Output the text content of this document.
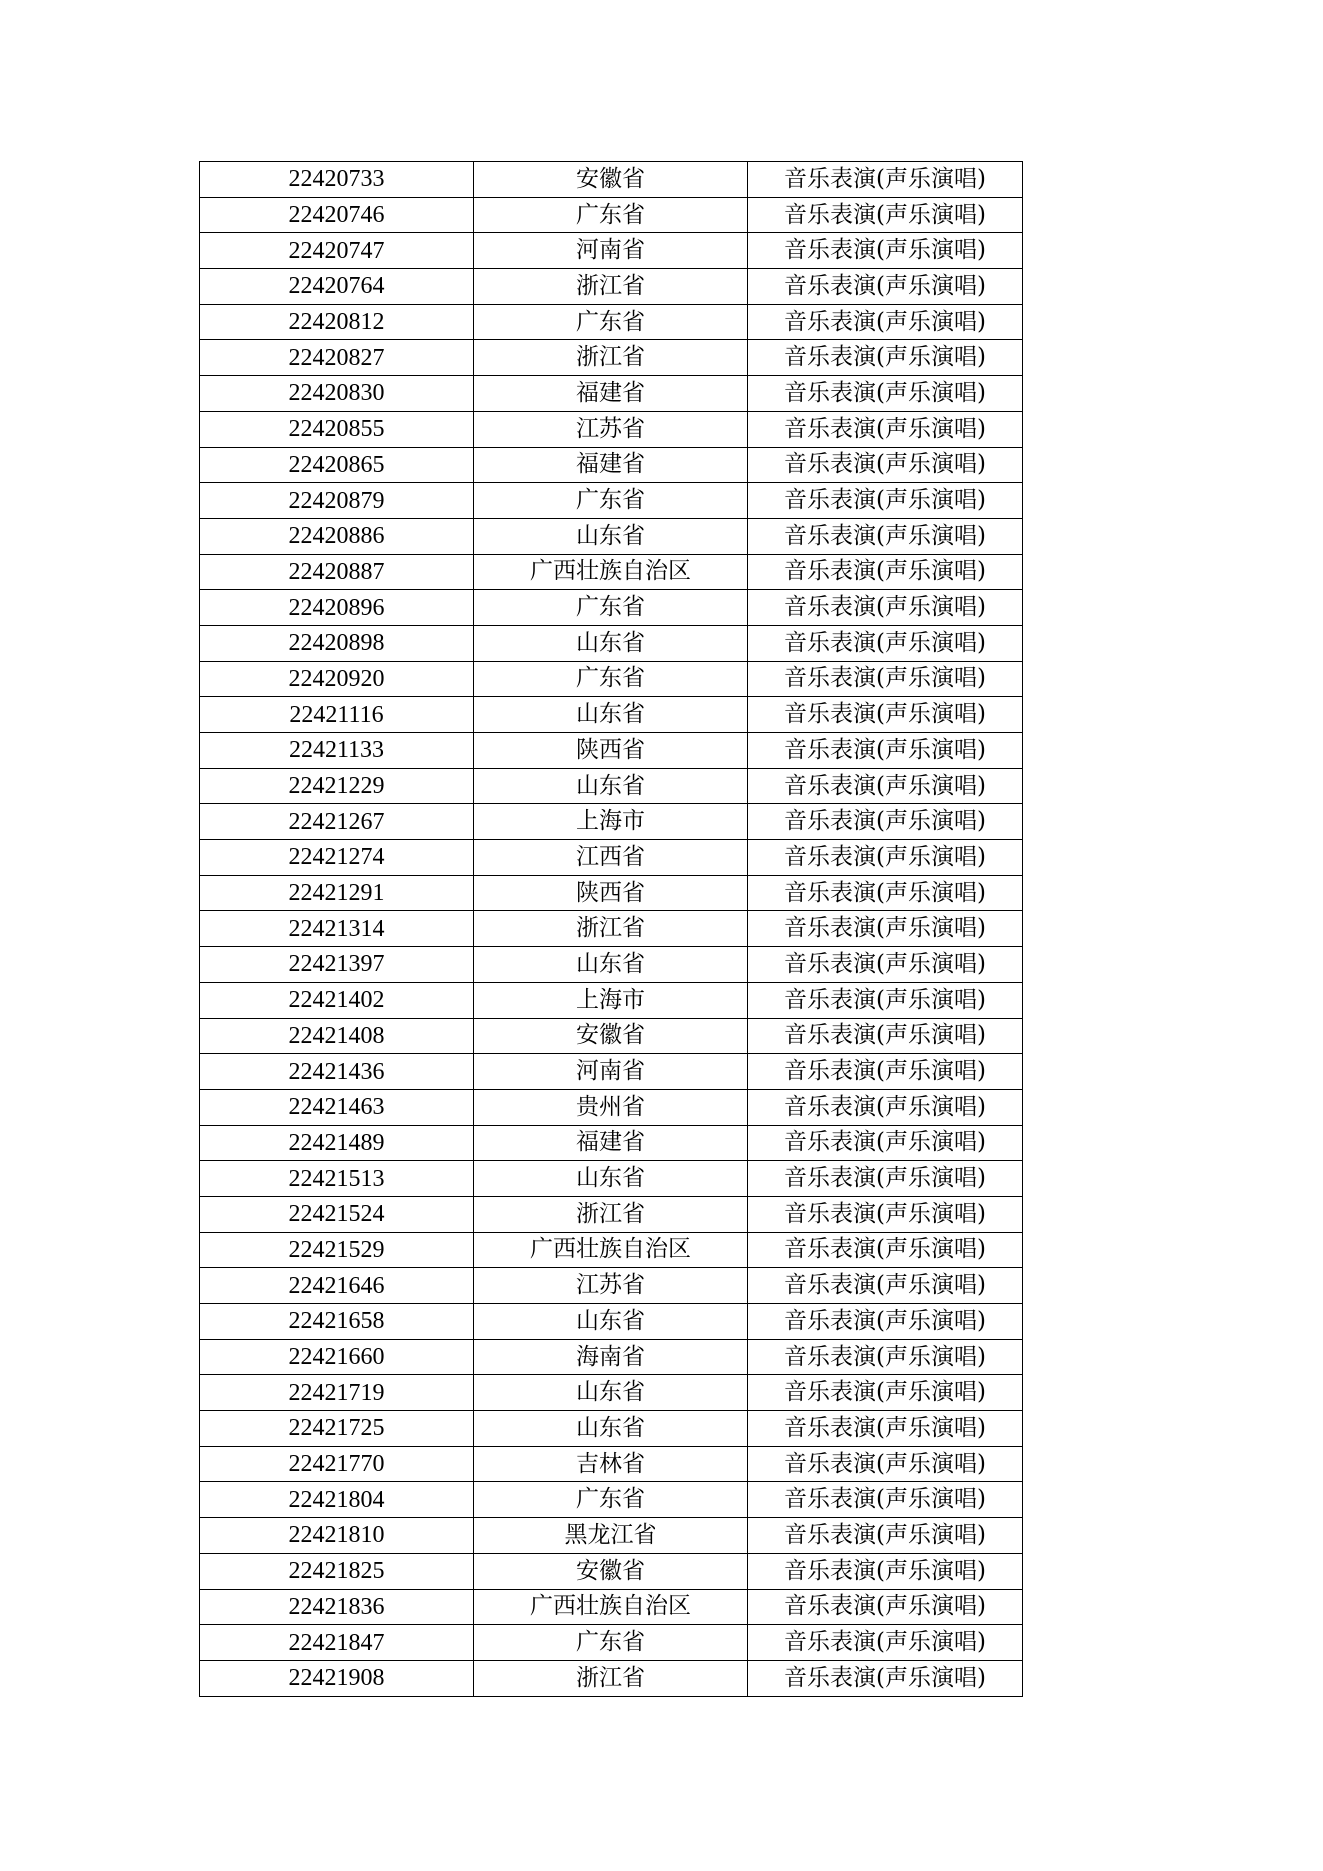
22420733	安徽省	音乐表演(声乐演唱)
22420746	广东省	音乐表演(声乐演唱)
22420747	河南省	音乐表演(声乐演唱)
22420764	浙江省	音乐表演(声乐演唱)
22420812	广东省	音乐表演(声乐演唱)
22420827	浙江省	音乐表演(声乐演唱)
22420830	福建省	音乐表演(声乐演唱)
22420855	江苏省	音乐表演(声乐演唱)
22420865	福建省	音乐表演(声乐演唱)
22420879	广东省	音乐表演(声乐演唱)
22420886	山东省	音乐表演(声乐演唱)
22420887	广西壮族自治区	音乐表演(声乐演唱)
22420896	广东省	音乐表演(声乐演唱)
22420898	山东省	音乐表演(声乐演唱)
22420920	广东省	音乐表演(声乐演唱)
22421116	山东省	音乐表演(声乐演唱)
22421133	陕西省	音乐表演(声乐演唱)
22421229	山东省	音乐表演(声乐演唱)
22421267	上海市	音乐表演(声乐演唱)
22421274	江西省	音乐表演(声乐演唱)
22421291	陕西省	音乐表演(声乐演唱)
22421314	浙江省	音乐表演(声乐演唱)
22421397	山东省	音乐表演(声乐演唱)
22421402	上海市	音乐表演(声乐演唱)
22421408	安徽省	音乐表演(声乐演唱)
22421436	河南省	音乐表演(声乐演唱)
22421463	贵州省	音乐表演(声乐演唱)
22421489	福建省	音乐表演(声乐演唱)
22421513	山东省	音乐表演(声乐演唱)
22421524	浙江省	音乐表演(声乐演唱)
22421529	广西壮族自治区	音乐表演(声乐演唱)
22421646	江苏省	音乐表演(声乐演唱)
22421658	山东省	音乐表演(声乐演唱)
22421660	海南省	音乐表演(声乐演唱)
22421719	山东省	音乐表演(声乐演唱)
22421725	山东省	音乐表演(声乐演唱)
22421770	吉林省	音乐表演(声乐演唱)
22421804	广东省	音乐表演(声乐演唱)
22421810	黑龙江省	音乐表演(声乐演唱)
22421825	安徽省	音乐表演(声乐演唱)
22421836	广西壮族自治区	音乐表演(声乐演唱)
22421847	广东省	音乐表演(声乐演唱)
22421908	浙江省	音乐表演(声乐演唱)
